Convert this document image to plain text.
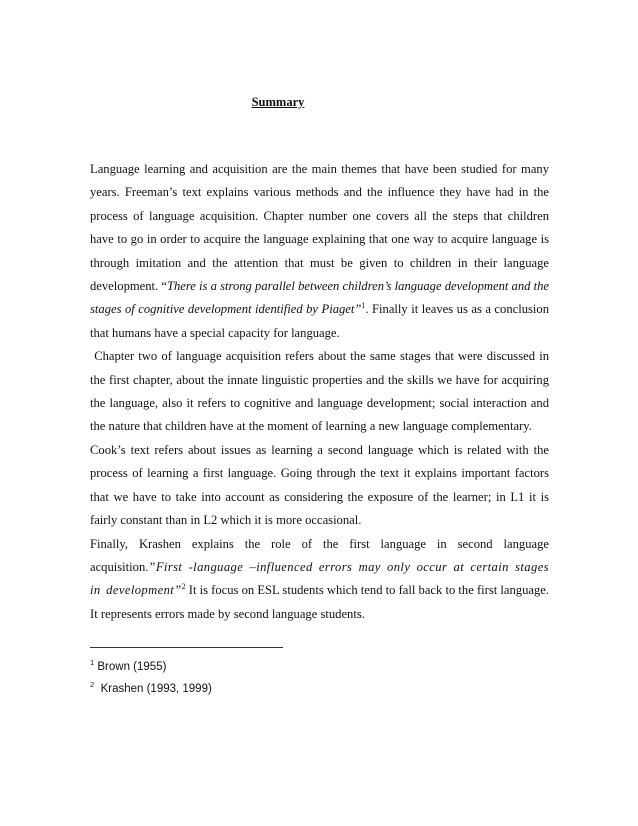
Summary

Language learning and acquisition are the main themes that have been studied for many years. Freeman’s text explains various methods and the influence they have had in the process of language acquisition. Chapter number one covers all the steps that children have to go in order to acquire the language explaining that one way to acquire language is through imitation and the attention that must be given to children in their language development. “There is a strong parallel between children’s language development and the stages of cognitive development identified by Piaget”$^1$. Finally it leaves us as a conclusion that humans have a special capacity for language.

Chapter two of language acquisition refers about the same stages that were discussed in the first chapter, about the innate linguistic properties and the skills we have for acquiring the language, also it refers to cognitive and language development; social interaction and the nature that children have at the moment of learning a new language complementary.

Cook’s text refers about issues as learning a second language which is related with the process of learning a first language. Going through the text it explains important factors that we have to take into account as considering the exposure of the learner; in L1 it is fairly constant than in L2 which it is more occasional.

Finally, Krashen explains the role of the first language in second language acquisition.”First -language –influenced errors may only occur at certain stages in development”$^2$ It is focus on ESL students which tend to fall back to the first language. It represents errors made by second language students.

$^1$ Brown (1955)

$^2$ Krashen (1993, 1999)
